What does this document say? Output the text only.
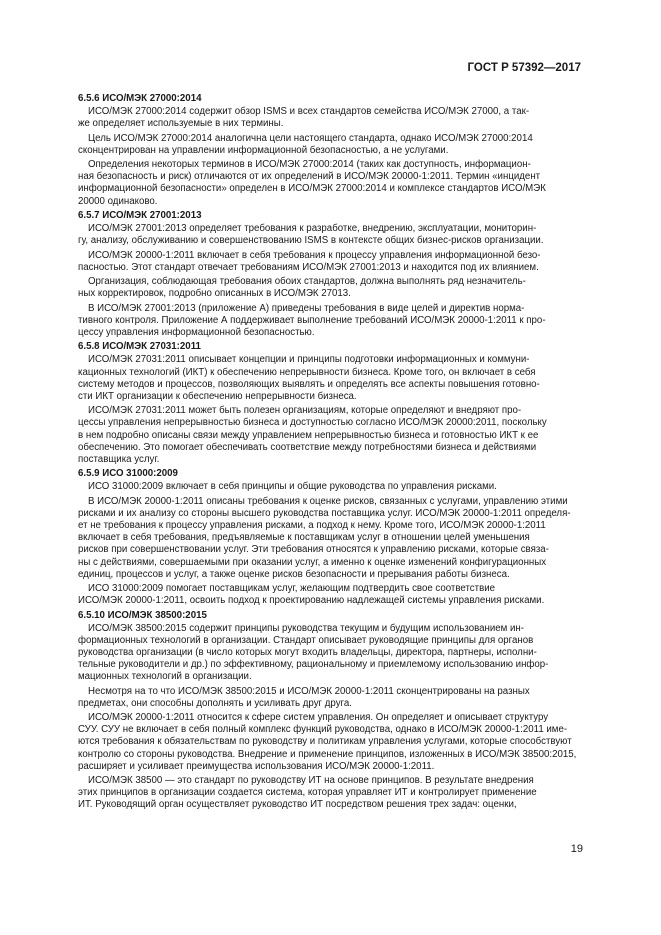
ГОСТ Р 57392—2017
6.5.6 ИСО/МЭК 27000:2014
ИСО/МЭК 27000:2014 содержит обзор ISMS и всех стандартов семейства ИСО/МЭК 27000, а так-
же определяет используемые в них термины.
Цель ИСО/МЭК 27000:2014 аналогична цели настоящего стандарта, однако ИСО/МЭК 27000:2014
сконцентрирован на управлении информационной безопасностью, а не услугами.
Определения некоторых терминов в ИСО/МЭК 27000:2014 (таких как доступность, информацион-
ная безопасность и риск) отличаются от их определений в ИСО/МЭК 20000-1:2011. Термин «инцидент
информационной безопасности» определен в ИСО/МЭК 27000:2014 и комплексе стандартов ИСО/МЭК
20000 одинаково.
6.5.7 ИСО/МЭК 27001:2013
ИСО/МЭК 27001:2013 определяет требования к разработке, внедрению, эксплуатации, мониторин-
гу, анализу, обслуживанию и совершенствованию ISMS в контексте общих бизнес-рисков организации.
ИСО/МЭК 20000-1:2011 включает в себя требования к процессу управления информационной безо-
пасностью. Этот стандарт отвечает требованиям ИСО/МЭК 27001:2013 и находится под их влиянием.
Организация, соблюдающая требования обоих стандартов, должна выполнять ряд незначитель-
ных корректировок, подробно описанных в ИСО/МЭК 27013.
В ИСО/МЭК 27001:2013 (приложение А) приведены требования в виде целей и директив норма-
тивного контроля. Приложение А поддерживает выполнение требований ИСО/МЭК 20000-1:2011 к про-
цессу управления информационной безопасностью.
6.5.8 ИСО/МЭК 27031:2011
ИСО/МЭК 27031:2011 описывает концепции и принципы подготовки информационных и коммуни-
кационных технологий (ИКТ) к обеспечению непрерывности бизнеса. Кроме того, он включает в себя
систему методов и процессов, позволяющих выявлять и определять все аспекты повышения готовно-
сти ИКТ организации к обеспечению непрерывности бизнеса.
ИСО/МЭК 27031:2011 может быть полезен организациям, которые определяют и внедряют про-
цессы управления непрерывностью бизнеса и доступностью согласно ИСО/МЭК 20000:2011, поскольку
в нем подробно описаны связи между управлением непрерывностью бизнеса и готовностью ИКТ к ее
обеспечению. Это помогает обеспечивать соответствие между потребностями бизнеса и действиями
поставщика услуг.
6.5.9 ИСО 31000:2009
ИСО 31000:2009 включает в себя принципы и общие руководства по управления рисками.
В ИСО/МЭК 20000-1:2011 описаны требования к оценке рисков, связанных с услугами, управлению этими
рисками и их анализу со стороны высшего руководства поставщика услуг. ИСО/МЭК 20000-1:2011 определя-
ет не требования к процессу управления рисками, а подход к нему. Кроме того, ИСО/МЭК 20000-1:2011
включает в себя требования, предъявляемые к поставщикам услуг в отношении целей уменьшения
рисков при совершенствовании услуг. Эти требования относятся к управлению рисками, которые связа-
ны с действиями, совершаемыми при оказании услуг, а именно к оценке изменений конфигурационных
единиц, процессов и услуг, а также оценке рисков безопасности и прерывания работы бизнеса.
ИСО 31000:2009 помогает поставщикам услуг, желающим подтвердить свое соответствие
ИСО/МЭК 20000-1:2011, освоить подход к проектированию надлежащей системы управления рисками.
6.5.10 ИСО/МЭК 38500:2015
ИСО/МЭК 38500:2015 содержит принципы руководства текущим и будущим использованием ин-
формационных технологий в организации. Стандарт описывает руководящие принципы для органов
руководства организации (в число которых могут входить владельцы, директора, партнеры, исполни-
тельные руководители и др.) по эффективному, рациональному и приемлемому использованию инфор-
мационных технологий в организации.
Несмотря на то что ИСО/МЭК 38500:2015 и ИСО/МЭК 20000-1:2011 сконцентрированы на разных
предметах, они способны дополнять и усиливать друг друга.
ИСО/МЭК 20000-1:2011 относится к сфере систем управления. Он определяет и описывает структуру
СУУ. СУУ не включает в себя полный комплекс функций руководства, однако в ИСО/МЭК 20000-1:2011 име-
ются требования к обязательствам по руководству и политикам управления услугами, которые способствуют
контролю со стороны руководства. Внедрение и применение принципов, изложенных в ИСО/МЭК 38500:2015,
расширяет и усиливает преимущества использования ИСО/МЭК 20000-1:2011.
ИСО/МЭК 38500 — это стандарт по руководству ИТ на основе принципов. В результате внедрения
этих принципов в организации создается система, которая управляет ИТ и контролирует применение
ИТ. Руководящий орган осуществляет руководство ИТ посредством решения трех задач: оценки,
19
